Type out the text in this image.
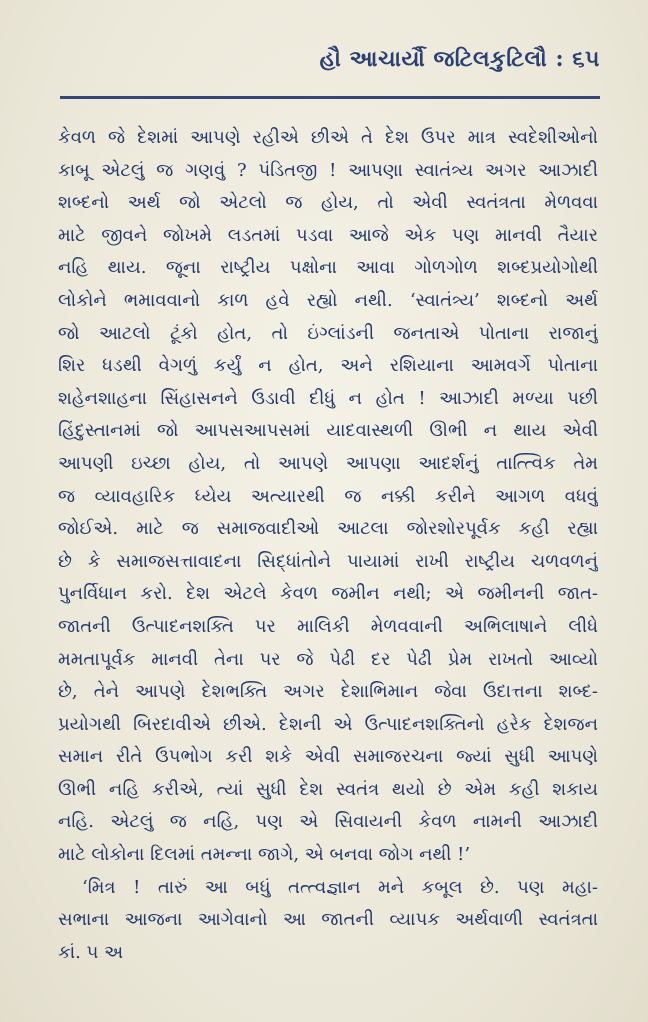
હૌ આચાર્યૌ જટિલકુટિલૌ : ૬૫
કેવળ જે દેશમાં આપણે રહીએ છીએ તે દેશ ઉપર માત્ર સ્વદેશીઓનો
કાબૂ એટલું જ ગણવું ? પંડિતજી ! આપણા સ્વાતંત્ર્ય અગર આઝાદી
શબ્દનો અર્થ જો એટલો જ હોય, તો એવી સ્વતંત્રતા મેળવવા
માટે જીવને જોખમે લડતમાં પડવા આજે એક પણ માનવી તૈયાર
નહિ થાય. જૂના રાષ્ટ્રીય પક્ષોના આવા ગોળગોળ શબ્દપ્રયોગોથી
લોકોને ભમાવવાનો કાળ હવે રહ્યો નથી. ‘સ્વાતંત્ર્ય’ શબ્દનો અર્થ
જો આટલો ટૂંકો હોત, તો ઇંગ્લાંડની જનતાએ પોતાના રાજાનું
શિર ધડથી વેગળું કર્યું ન હોત, અને રશિયાના આમવર્ગે પોતાના
શહેનશાહના સિંહાસનને ઉડાવી દીધું ન હોત ! આઝાદી મળ્યા પછી
હિંદુસ્તાનમાં જો આપસઆપસમાં યાદવાસ્થળી ઊભી ન થાય એવી
આપણી ઇચ્છા હોય, તો આપણે આપણા આદર્શનું તાત્ત્વિક તેમ
જ વ્યાવહારિક ધ્યેય અત્યારથી જ નક્કી કરીને આગળ વધવું
જોઈએ. માટે જ સમાજવાદીઓ આટલા જોરશોરપૂર્વક કહી રહ્યા
છે કે સમાજસત્તાવાદના સિદ્ધાંતોને પાયામાં રાખી રાષ્ટ્રીય ચળવળનું
પુનર્વિધાન કરો. દેશ એટલે કેવળ જમીન નથી; એ જમીનની જાત-
જાતની ઉત્પાદનશક્તિ પર માલિકી મેળવવાની અભિલાષાને લીધે
મમતાપૂર્વક માનવી તેના પર જે પેઢી દર પેઢી પ્રેમ રાખતો આવ્યો
છે, તેને આપણે દેશભક્તિ અગર દેશાભિમાન જેવા ઉદાત્તના શબ્દ-
પ્રયોગથી બિરદાવીએ છીએ. દેશની એ ઉત્પાદનશક્તિનો હરેક દેશજન
સમાન રીતે ઉપભોગ કરી શકે એવી સમાજરચના જ્યાં સુધી આપણે
ઊભી નહિ કરીએ, ત્યાં સુધી દેશ સ્વતંત્ર થયો છે એમ કહી શકાય
નહિ. એટલું જ નહિ, પણ એ સિવાયની કેવળ નામની આઝાદી
માટે લોકોના દિલમાં તમન્ના જાગે, એ બનવા જોગ નથી !’
‘મિત્ર ! તારું આ બધું તત્ત્વજ્ઞાન મને કબૂલ છે. પણ મહા-
સભાના આજના આગેવાનો આ જાતની વ્યાપક અર્થવાળી સ્વતંત્રતા
કાં. ૫ અ
